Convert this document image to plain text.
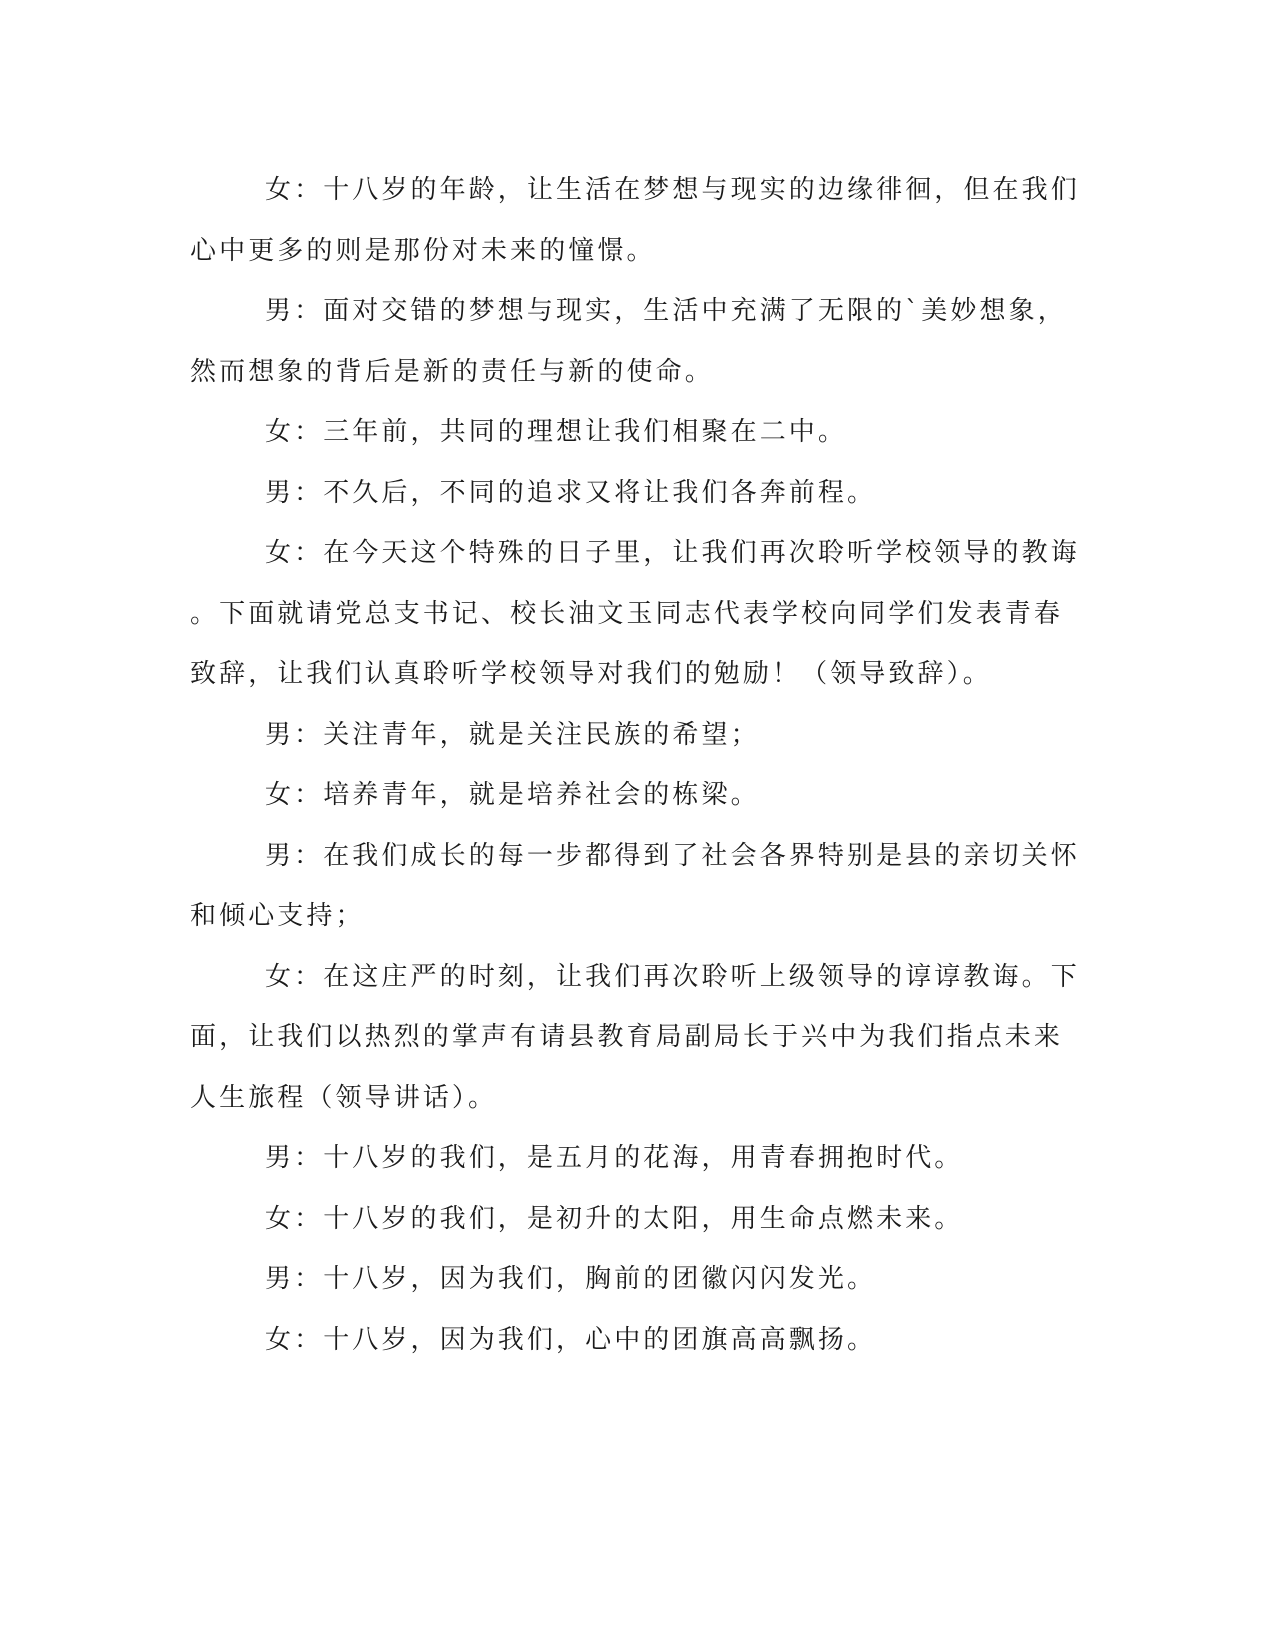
女：十八岁的年龄，让生活在梦想与现实的边缘徘徊，但在我们
心中更多的则是那份对未来的憧憬。

男：面对交错的梦想与现实，生活中充满了无限的`美妙想象，
然而想象的背后是新的责任与新的使命。

女：三年前，共同的理想让我们相聚在二中。

男：不久后，不同的追求又将让我们各奔前程。

女：在今天这个特殊的日子里，让我们再次聆听学校领导的教诲
。下面就请党总支书记、校长油文玉同志代表学校向同学们发表青春
致辞，让我们认真聆听学校领导对我们的勉励！（领导致辞）。

男：关注青年，就是关注民族的希望；

女：培养青年，就是培养社会的栋梁。

男：在我们成长的每一步都得到了社会各界特别是县的亲切关怀
和倾心支持；

女：在这庄严的时刻，让我们再次聆听上级领导的谆谆教诲。下
面，让我们以热烈的掌声有请县教育局副局长于兴中为我们指点未来
人生旅程（领导讲话）。

男：十八岁的我们，是五月的花海，用青春拥抱时代。

女：十八岁的我们，是初升的太阳，用生命点燃未来。

男：十八岁，因为我们，胸前的团徽闪闪发光。

女：十八岁，因为我们，心中的团旗高高飘扬。
